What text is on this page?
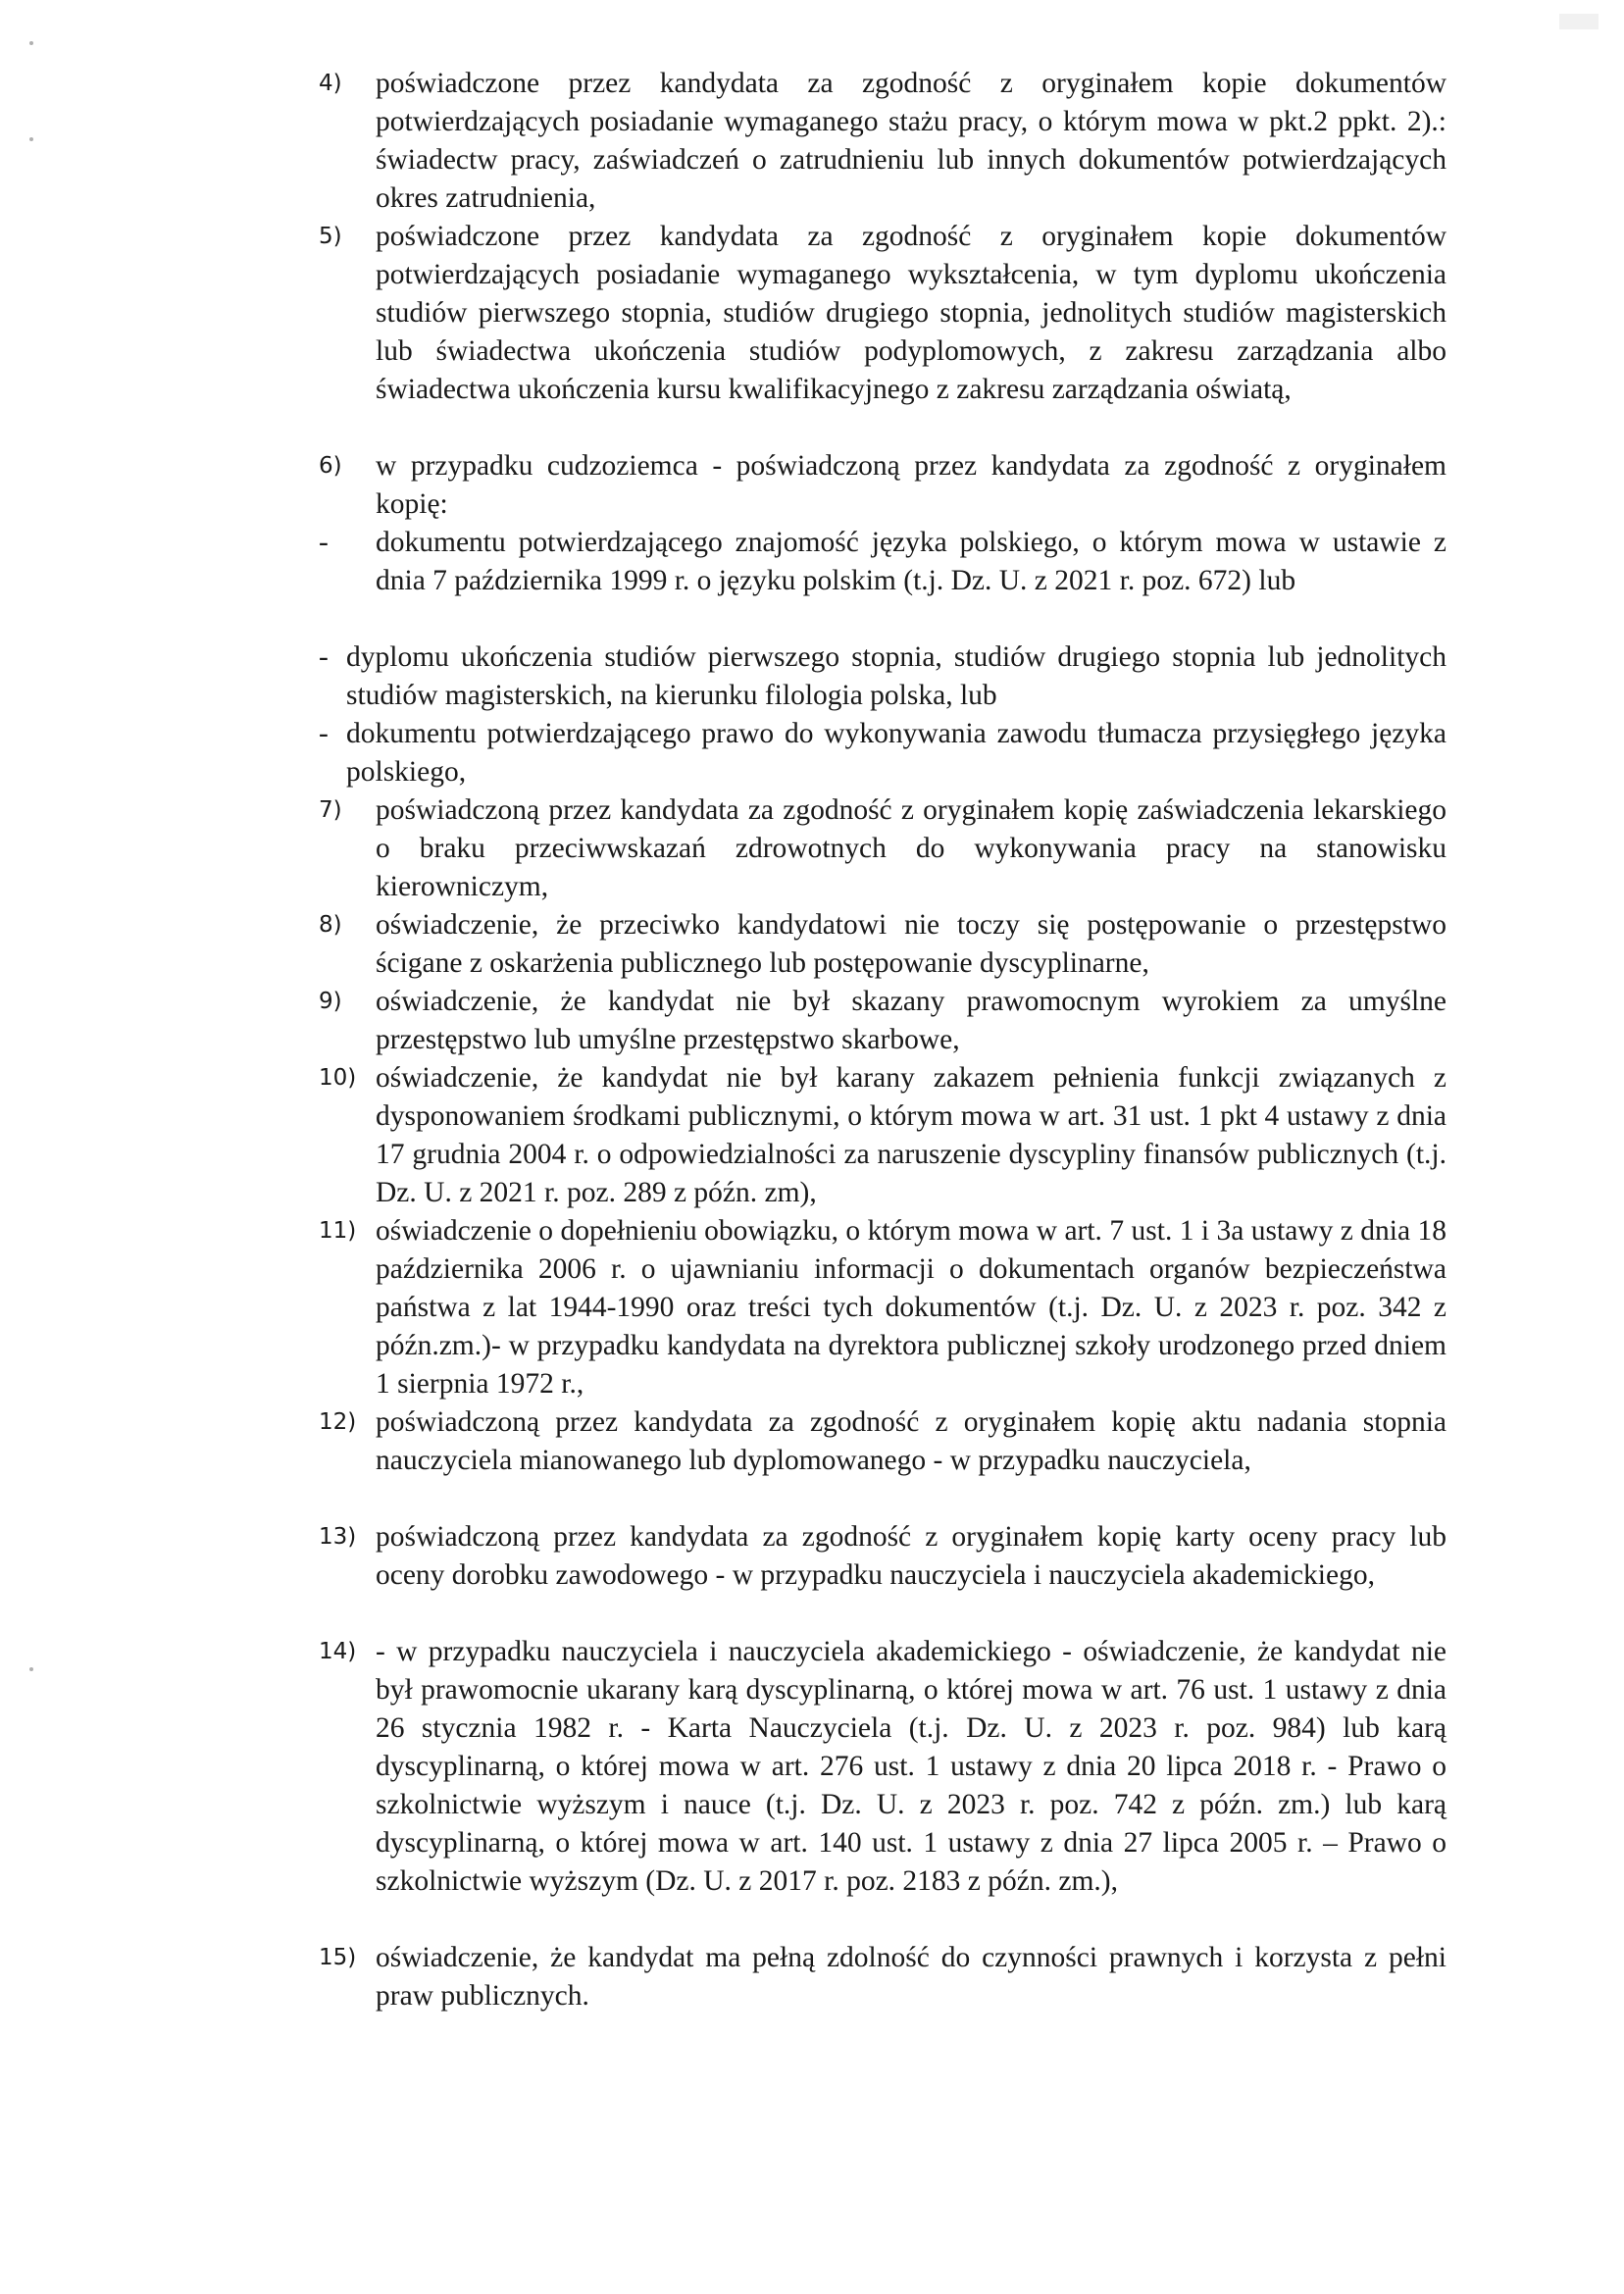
4)	poświadczone przez kandydata za zgodność z oryginałem kopie dokumentów potwierdzających posiadanie wymaganego stażu pracy, o którym mowa w pkt.2 ppkt. 2).: świadectw pracy, zaświadczeń o zatrudnieniu lub innych dokumentów potwierdzających okres zatrudnienia,
5)	poświadczone przez kandydata za zgodność z oryginałem kopie dokumentów potwierdzających posiadanie wymaganego wykształcenia, w tym dyplomu ukończenia studiów pierwszego stopnia, studiów drugiego stopnia, jednolitych studiów magisterskich lub świadectwa ukończenia studiów podyplomowych, z zakresu zarządzania albo świadectwa ukończenia kursu kwalifikacyjnego z zakresu zarządzania oświatą,
6)	w przypadku cudzoziemca - poświadczoną przez kandydata za zgodność z oryginałem kopię:
-	dokumentu potwierdzającego znajomość języka polskiego, o którym mowa w ustawie z dnia 7 października 1999 r. o języku polskim (t.j. Dz. U. z 2021 r. poz. 672) lub
- dyplomu ukończenia studiów pierwszego stopnia, studiów drugiego stopnia lub jednolitych studiów magisterskich, na kierunku filologia polska, lub
- dokumentu potwierdzającego prawo do wykonywania zawodu tłumacza przysięgłego języka polskiego,
7)	poświadczoną przez kandydata za zgodność z oryginałem kopię zaświadczenia lekarskiego o braku przeciwwskazań zdrowotnych do wykonywania pracy na stanowisku kierowniczym,
8)	oświadczenie, że przeciwko kandydatowi nie toczy się postępowanie o przestępstwo ścigane z oskarżenia publicznego lub postępowanie dyscyplinarne,
9)	oświadczenie, że kandydat nie był skazany prawomocnym wyrokiem za umyślne przestępstwo lub umyślne przestępstwo skarbowe,
10) oświadczenie, że kandydat nie był karany zakazem pełnienia funkcji związanych z dysponowaniem środkami publicznymi, o którym mowa w art. 31 ust. 1 pkt 4 ustawy z dnia 17 grudnia 2004 r. o odpowiedzialności za naruszenie dyscypliny finansów publicznych (t.j. Dz. U. z 2021 r. poz. 289 z późn. zm),
11) oświadczenie o dopełnieniu obowiązku, o którym mowa w art. 7 ust. 1 i 3a ustawy z dnia 18 października 2006 r. o ujawnianiu informacji o dokumentach organów bezpieczeństwa państwa z lat 1944-1990 oraz treści tych dokumentów (t.j. Dz. U. z 2023 r. poz. 342 z późn.zm.)- w przypadku kandydata na dyrektora publicznej szkoły urodzonego przed dniem 1 sierpnia 1972 r.,
12) poświadczoną przez kandydata za zgodność z oryginałem kopię aktu nadania stopnia nauczyciela mianowanego lub dyplomowanego - w przypadku nauczyciela,
13) poświadczoną przez kandydata za zgodność z oryginałem kopię karty oceny pracy lub oceny dorobku zawodowego - w przypadku nauczyciela i nauczyciela akademickiego,
14) - w przypadku nauczyciela i nauczyciela akademickiego - oświadczenie, że kandydat nie był prawomocnie ukarany karą dyscyplinarną, o której mowa w art. 76 ust. 1 ustawy z dnia 26 stycznia 1982 r. - Karta Nauczyciela (t.j. Dz. U. z 2023 r. poz. 984) lub karą dyscyplinarną, o której mowa w art. 276 ust. 1 ustawy z dnia 20 lipca 2018 r. - Prawo o szkolnictwie wyższym i nauce (t.j. Dz. U. z 2023 r. poz. 742 z późn. zm.) lub karą dyscyplinarną, o której mowa w art. 140 ust. 1 ustawy z dnia 27 lipca 2005 r. – Prawo o szkolnictwie wyższym (Dz. U. z 2017 r. poz. 2183 z późn. zm.),
15) oświadczenie, że kandydat ma pełną zdolność do czynności prawnych i korzysta z pełni praw publicznych.
